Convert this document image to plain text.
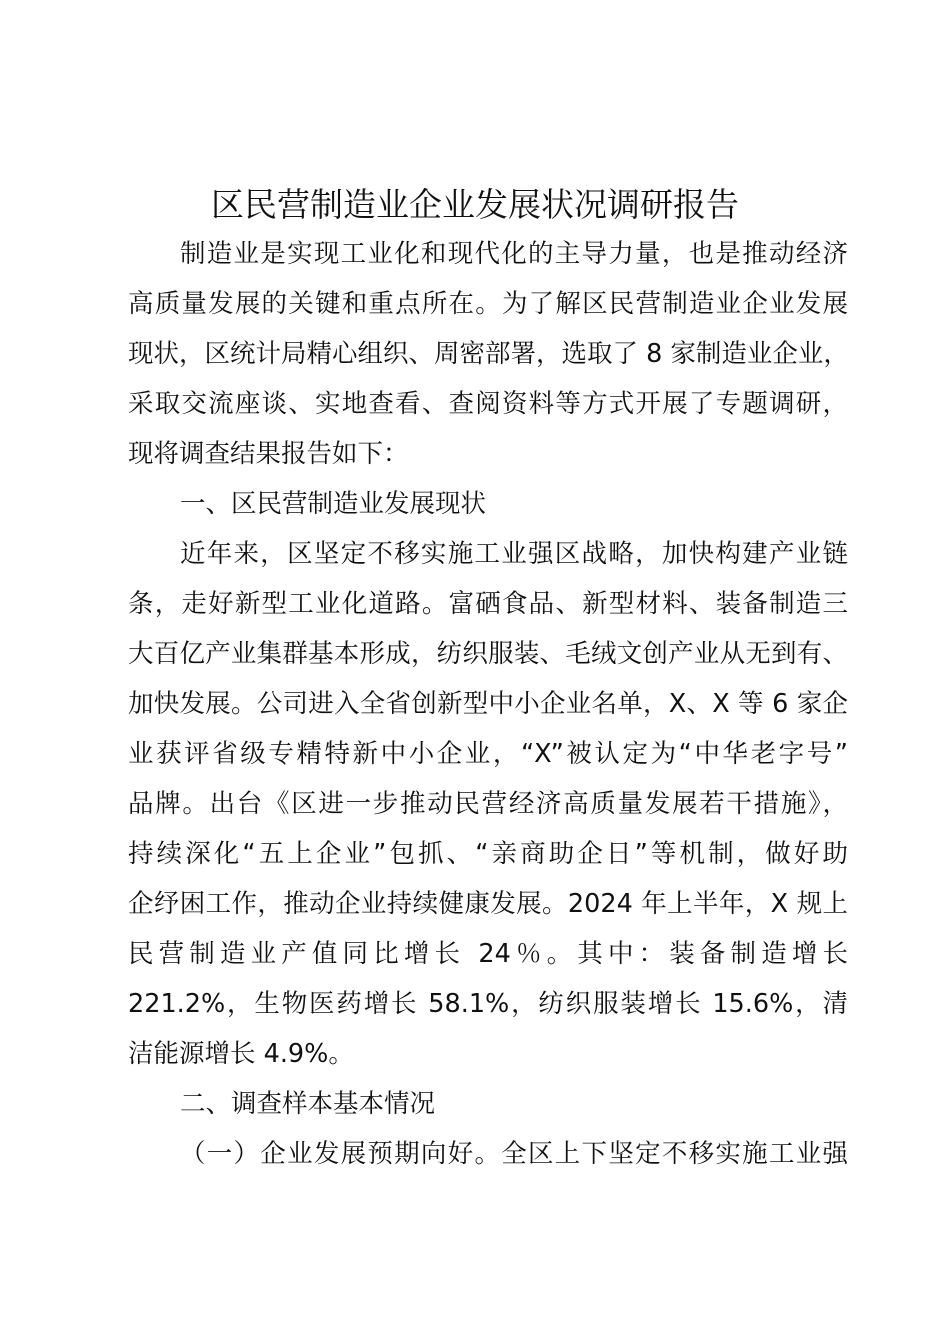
区民营制造业企业发展状况调研报告
制造业是实现工业化和现代化的主导力量，也是推动经济
高质量发展的关键和重点所在。为了解区民营制造业企业发展
现状，区统计局精心组织、周密部署，选取了 8 家制造业企业，
采取交流座谈、实地查看、查阅资料等方式开展了专题调研，
现将调查结果报告如下：
一、区民营制造业发展现状
近年来，区坚定不移实施工业强区战略，加快构建产业链
条，走好新型工业化道路。富硒食品、新型材料、装备制造三
大百亿产业集群基本形成，纺织服装、毛绒文创产业从无到有、
加快发展。公司进入全省创新型中小企业名单，X、X 等 6 家企
业获评省级专精特新中小企业，“X”被认定为“中华老字号”
品牌。出台《区进一步推动民营经济高质量发展若干措施》，
持续深化“五上企业”包抓、“亲商助企日”等机制，做好助
企纾困工作，推动企业持续健康发展。2024 年上半年，X 规上
民营制造业产值同比增长 24％。其中：装备制造增长
221.2%，生物医药增长 58.1%，纺织服装增长 15.6%，清
洁能源增长 4.9%。
二、调查样本基本情况
（一）企业发展预期向好。全区上下坚定不移实施工业强
